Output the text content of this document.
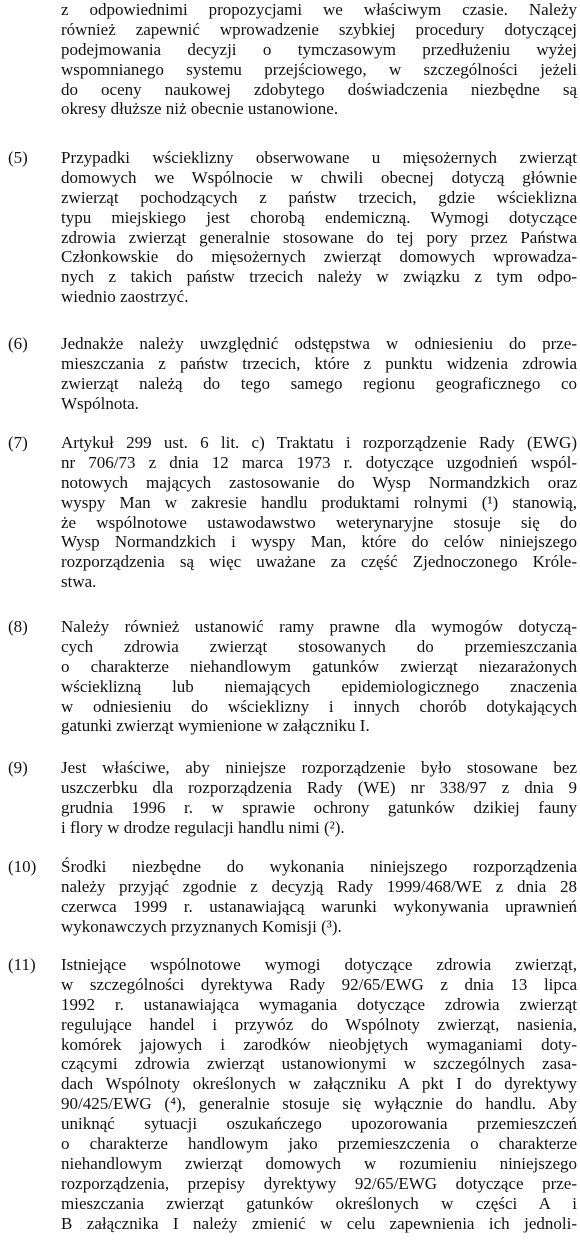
z odpowiednimi propozycjami we właściwym czasie. Należy
również zapewnić wprowadzenie szybkiej procedury dotyczącej
podejmowania decyzji o tymczasowym przedłużeniu wyżej
wspomnianego systemu przejściowego, w szczególności jeżeli
do oceny naukowej zdobytego doświadczenia niezbędne są
okresy dłuższe niż obecnie ustanowione.
(5) Przypadki wścieklizny obserwowane u mięsożernych zwierząt
domowych we Wspólnocie w chwili obecnej dotyczą głównie
zwierząt pochodzących z państw trzecich, gdzie wścieklizna
typu miejskiego jest chorobą endemiczną. Wymogi dotyczące
zdrowia zwierząt generalnie stosowane do tej pory przez Państwa
Członkowskie do mięsożernych zwierząt domowych wprowadza-
nych z takich państw trzecich należy w związku z tym odpo-
wiednio zaostrzyć.
(6) Jednakże należy uwzględnić odstępstwa w odniesieniu do prze-
mieszczania z państw trzecich, które z punktu widzenia zdrowia
zwierząt należą do tego samego regionu geograficznego co
Wspólnota.
(7) Artykuł 299 ust. 6 lit. c) Traktatu i rozporządzenie Rady (EWG)
nr 706/73 z dnia 12 marca 1973 r. dotyczące uzgodnień wspól-
notowych mających zastosowanie do Wysp Normandzkich oraz
wyspy Man w zakresie handlu produktami rolnymi (¹) stanowią,
że wspólnotowe ustawodawstwo weterynaryjne stosuje się do
Wysp Normandzkich i wyspy Man, które do celów niniejszego
rozporządzenia są więc uważane za część Zjednoczonego Króle-
stwa.
(8) Należy również ustanowić ramy prawne dla wymogów dotyczą-
cych zdrowia zwierząt stosowanych do przemieszczania
o charakterze niehandlowym gatunków zwierząt niezarażonych
wścieklizną lub niemających epidemiologicznego znaczenia
w odniesieniu do wścieklizny i innych chorób dotykających
gatunki zwierząt wymienione w załączniku I.
(9) Jest właściwe, aby niniejsze rozporządzenie było stosowane bez
uszczerbku dla rozporządzenia Rady (WE) nr 338/97 z dnia 9
grudnia 1996 r. w sprawie ochrony gatunków dzikiej fauny
i flory w drodze regulacji handlu nimi (²).
(10) Środki niezbędne do wykonania niniejszego rozporządzenia
należy przyjąć zgodnie z decyzją Rady 1999/468/WE z dnia 28
czerwca 1999 r. ustanawiającą warunki wykonywania uprawnień
wykonawczych przyznanych Komisji (³).
(11) Istniejące wspólnotowe wymogi dotyczące zdrowia zwierząt,
w szczególności dyrektywa Rady 92/65/EWG z dnia 13 lipca
1992 r. ustanawiająca wymagania dotyczące zdrowia zwierząt
regulujące handel i przywóz do Wspólnoty zwierząt, nasienia,
komórek jajowych i zarodków nieobjętych wymaganiami doty-
czącymi zdrowia zwierząt ustanowionymi w szczególnych zasa-
dach Wspólnoty określonych w załączniku A pkt I do dyrektywy
90/425/EWG (⁴), generalnie stosuje się wyłącznie do handlu. Aby
uniknąć sytuacji oszukańczego upozorowania przemieszczeń
o charakterze handlowym jako przemieszczenia o charakterze
niehandlowym zwierząt domowych w rozumieniu niniejszego
rozporządzenia, przepisy dyrektywy 92/65/EWG dotyczące prze-
mieszczania zwierząt gatunków określonych w części A i
B załącznika I należy zmienić w celu zapewnienia ich jednoli-
